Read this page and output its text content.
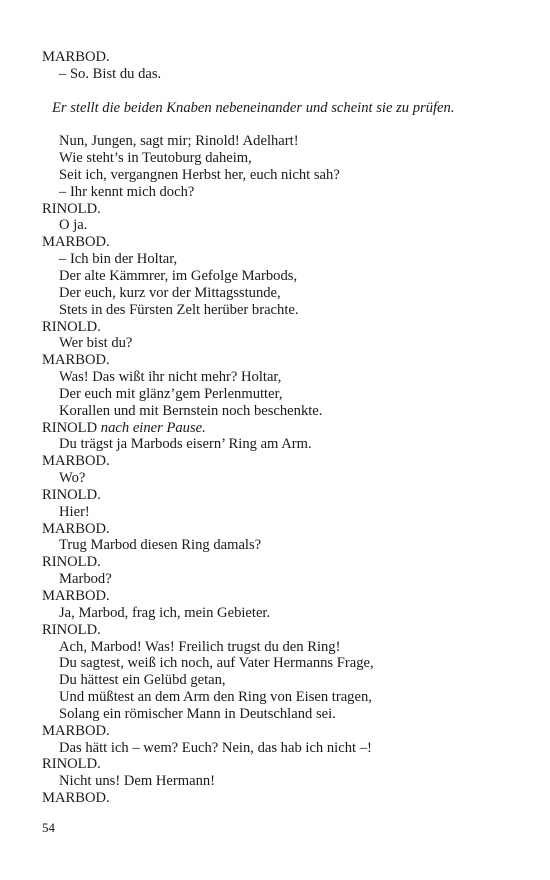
MARBOD.
– So. Bist du das.
Er stellt die beiden Knaben nebeneinander und scheint sie zu prüfen.
Nun, Jungen, sagt mir; Rinold! Adelhart!
Wie steht’s in Teutoburg daheim,
Seit ich, vergangnen Herbst her, euch nicht sah?
– Ihr kennt mich doch?
RINOLD.
O ja.
MARBOD.
– Ich bin der Holtar,
Der alte Kämmrer, im Gefolge Marbods,
Der euch, kurz vor der Mittagsstunde,
Stets in des Fürsten Zelt herüber brachte.
RINOLD.
Wer bist du?
MARBOD.
Was! Das wißt ihr nicht mehr? Holtar,
Der euch mit glänz’gem Perlenmutter,
Korallen und mit Bernstein noch beschenkte.
RINOLD nach einer Pause.
Du trägst ja Marbods eisern’ Ring am Arm.
MARBOD.
Wo?
RINOLD.
Hier!
MARBOD.
Trug Marbod diesen Ring damals?
RINOLD.
Marbod?
MARBOD.
Ja, Marbod, frag ich, mein Gebieter.
RINOLD.
Ach, Marbod! Was! Freilich trugst du den Ring!
Du sagtest, weiß ich noch, auf Vater Hermanns Frage,
Du hättest ein Gelübd getan,
Und müßtest an dem Arm den Ring von Eisen tragen,
Solang ein römischer Mann in Deutschland sei.
MARBOD.
Das hätt ich – wem? Euch? Nein, das hab ich nicht –!
RINOLD.
Nicht uns! Dem Hermann!
MARBOD.
54
